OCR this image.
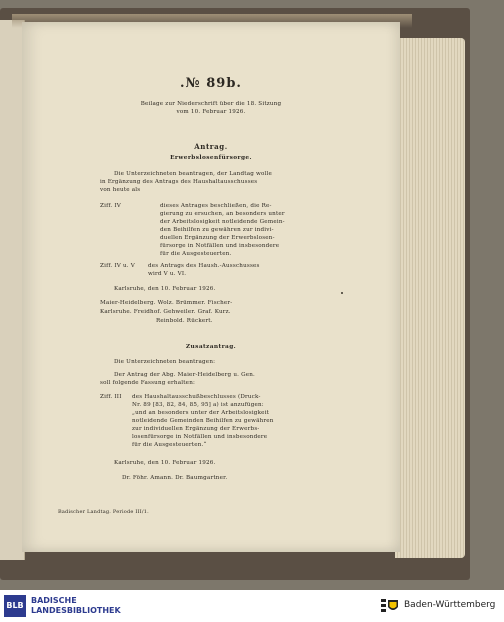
.№ 89b.
Beilage zur Niederschrift über die 18. Sitzung
vom 10. Februar 1926.
Antrag.
Erwerbslosenfürsorge.
Die Unterzeichneten beantragen, der Landtag wolle
in Ergänzung des Antrags des Haushaltausschusses
von heute als
Ziff. IV	dieses Antrages beschließen, die Re-
gierung zu ersuchen, an besonders unter
der Arbeitslosigkeit notleidende Gemein-
den Beihilfen zu gewähren zur indivi-
duellen Ergänzung der Erwerbslosen-
fürsorge in Notfällen und insbesondere
für die Ausgesteuerten.
Ziff. IV u. V des Antrags des Haush.-Ausschusses
wird V u. VI.
Karlsruhe, den 10. Februar 1926.
Maier-Heidelberg. Wolz. Brümmer. Fischer-
Karlsruhe. Freidhof. Gehweiler. Graf. Kurz.
Reinbold. Rückert.
Zusatzantrag.
Die Unterzeichneten beantragen:
Der Antrag der Abg. Maier-Heidelberg u. Gen.
soll folgende Fassung erhalten:
Ziff. III des Haushaltausschußbeschlusses (Druck-
Nr. 89 [83, 82, 84, 85, 95] a) ist anzufügen:
„und an besonders unter der Arbeitslosigkeit
notleidende Gemeinden Beihilfen zu gewähren
zur individuellen Ergänzung der Erwerbs-
losenfürsorge in Notfällen und insbesondere
für die Ausgesteuerten.“
Karlsruhe, den 10. Februar 1926.
Dr. Föhr. Amann. Dr. Baumgartner.
Badischer Landtag. Periode III/1.
BLB
BADISCHE
LANDESBIBLIOTHEK
Baden-Württemberg
